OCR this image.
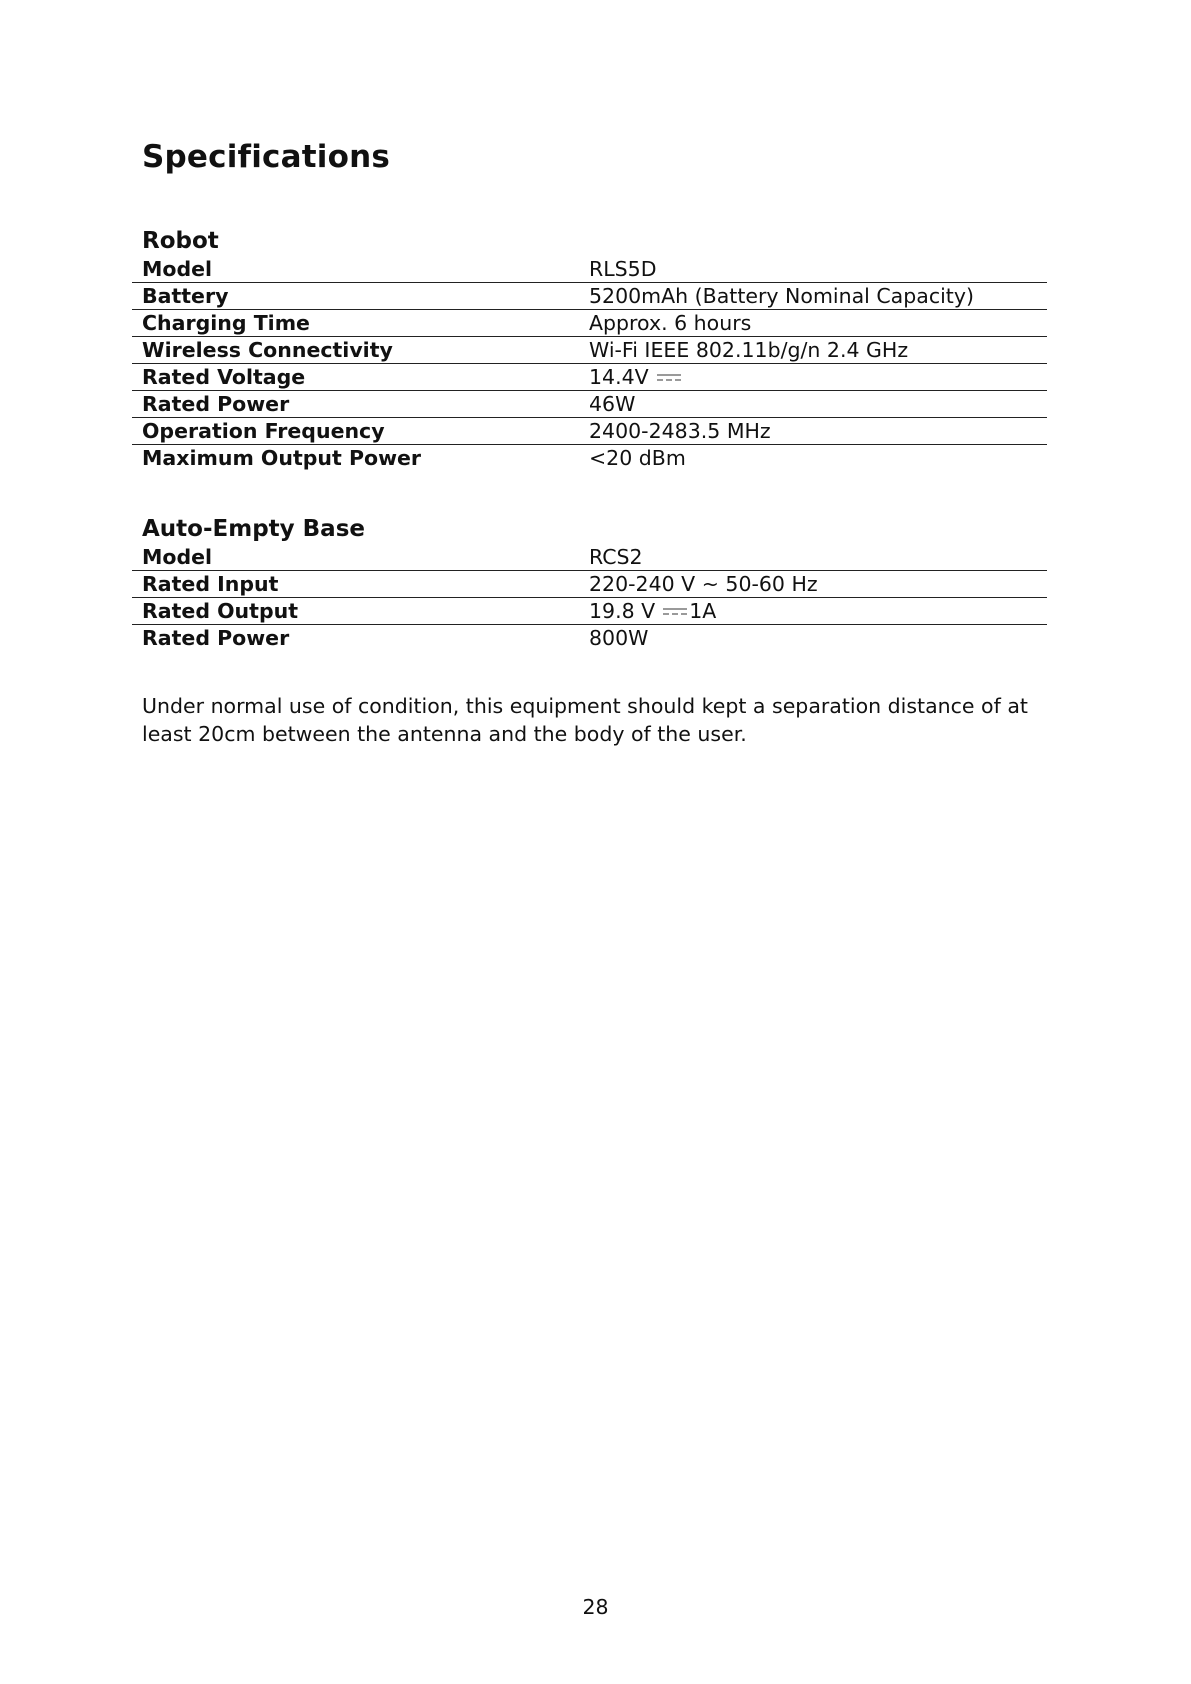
Specifications
Robot
Model	RLS5D
Battery	5200mAh (Battery Nominal Capacity)
Charging Time	Approx. 6 hours
Wireless Connectivity	Wi-Fi IEEE 802.11b/g/n 2.4 GHz
Rated Voltage	14.4V
Rated Power	46W
Operation Frequency	2400-2483.5 MHz
Maximum Output Power	<20 dBm
Auto-Empty Base
Model	RCS2
Rated Input	220-240 V ~ 50-60 Hz
Rated Output	19.8 V 1A
Rated Power	800W

Under normal use of condition, this equipment should kept a separation distance of at least 20cm between the antenna and the body of the user.

28
